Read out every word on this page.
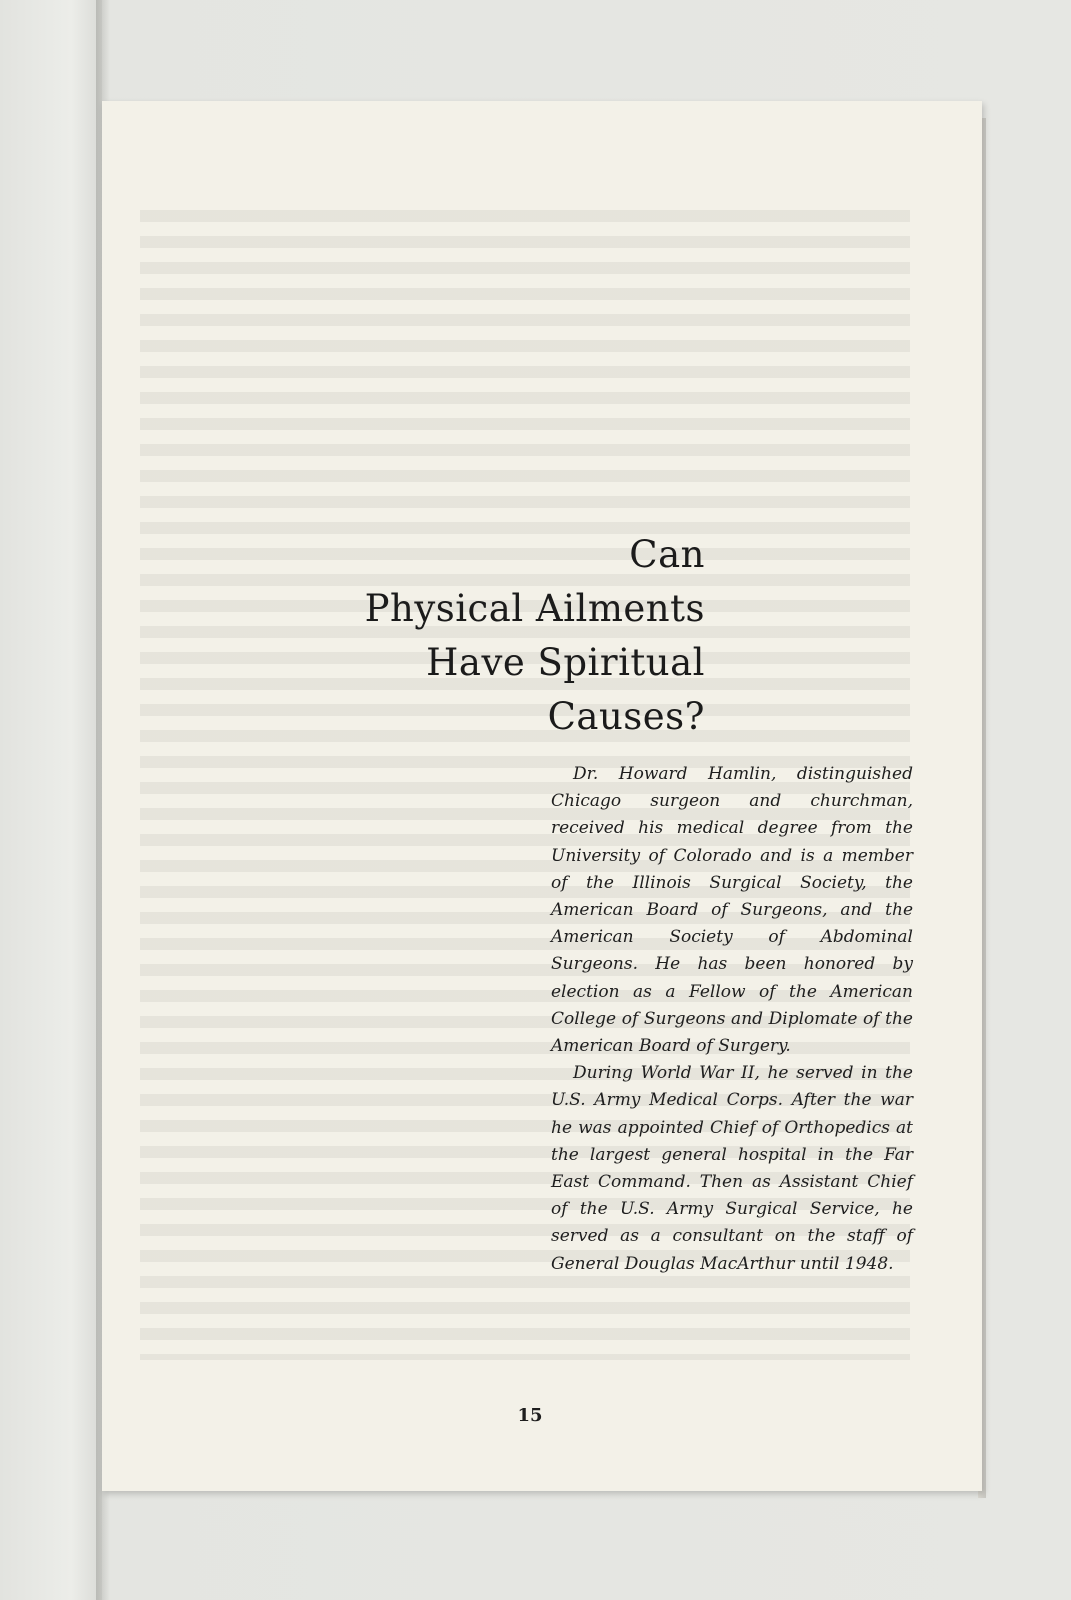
Can
Physical Ailments
Have Spiritual
Causes?

Dr. Howard Hamlin, distinguished Chicago surgeon and churchman, received his medical degree from the University of Colorado and is a member of the Illinois Surgical Society, the American Board of Surgeons, and the American Society of Abdominal Surgeons. He has been honored by election as a Fellow of the American College of Surgeons and Diplomate of the American Board of Surgery.

During World War II, he served in the U.S. Army Medical Corps. After the war he was appointed Chief of Orthopedics at the largest general hospital in the Far East Command. Then as Assistant Chief of the U.S. Army Surgical Service, he served as a consultant on the staff of General Douglas MacArthur until 1948.

15
